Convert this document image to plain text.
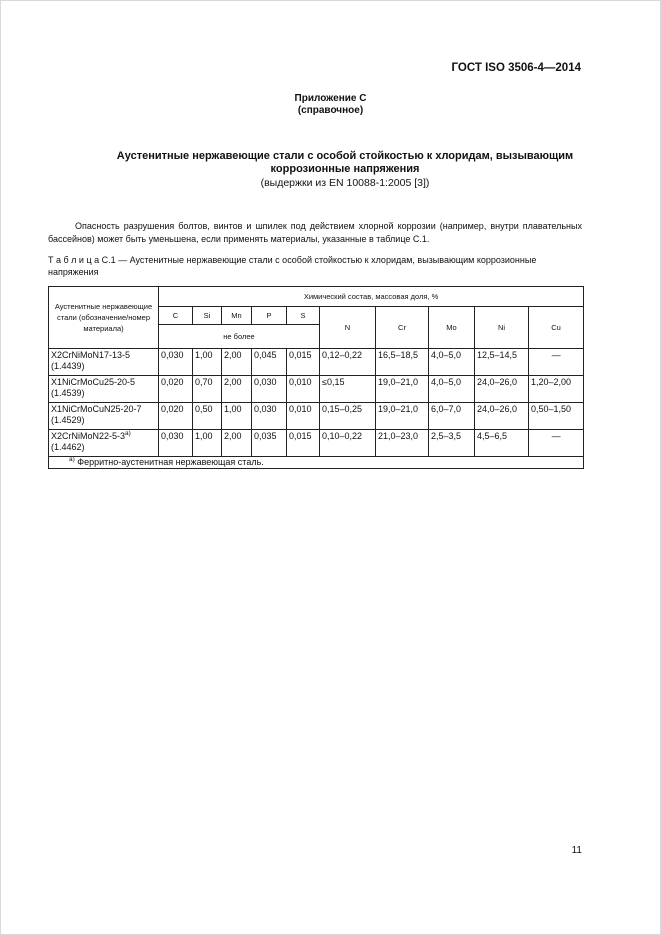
ГОСТ ISO 3506-4—2014
Приложение С
(справочное)
Аустенитные нержавеющие стали с особой стойкостью к хлоридам, вызывающим
коррозионные напряжения
(выдержки из EN 10088-1:2005 [3])
Опасность разрушения болтов, винтов и шпилек под действием хлорной коррозии (например, внутри плавательных бассейнов) может быть уменьшена, если применять материалы, указанные в таблице С.1.
Т а б л и ц а С.1 — Аустенитные нержавеющие стали с особой стойкостью к хлоридам, вызывающим коррозионные напряжения
Аустенитные нержавеющие стали (обозначение/номер материала)	Химический состав, массовая доля, %									
	C	Si	Mn	P	S	N	Cr	Mo	Ni	Cu
	не более									
X2CrNiMoN17-13-5
(1.4439)	0,030	1,00	2,00	0,045	0,015	0,12–0,22	16,5–18,5	4,0–5,0	12,5–14,5	—
X1NiCrMoCu25-20-5
(1.4539)	0,020	0,70	2,00	0,030	0,010	≤0,15	19,0–21,0	4,0–5,0	24,0–26,0	1,20–2,00
X1NiCrMoCuN25-20-7
(1.4529)	0,020	0,50	1,00	0,030	0,010	0,15–0,25	19,0–21,0	6,0–7,0	24,0–26,0	0,50–1,50
X2CrNiMoN22-5-3$^{a)}$
(1.4462)	0,030	1,00	2,00	0,035	0,015	0,10–0,22	21,0–23,0	2,5–3,5	4,5–6,5	—
$^{a)}$ Ферритно-аустенитная нержавеющая сталь.										
11
